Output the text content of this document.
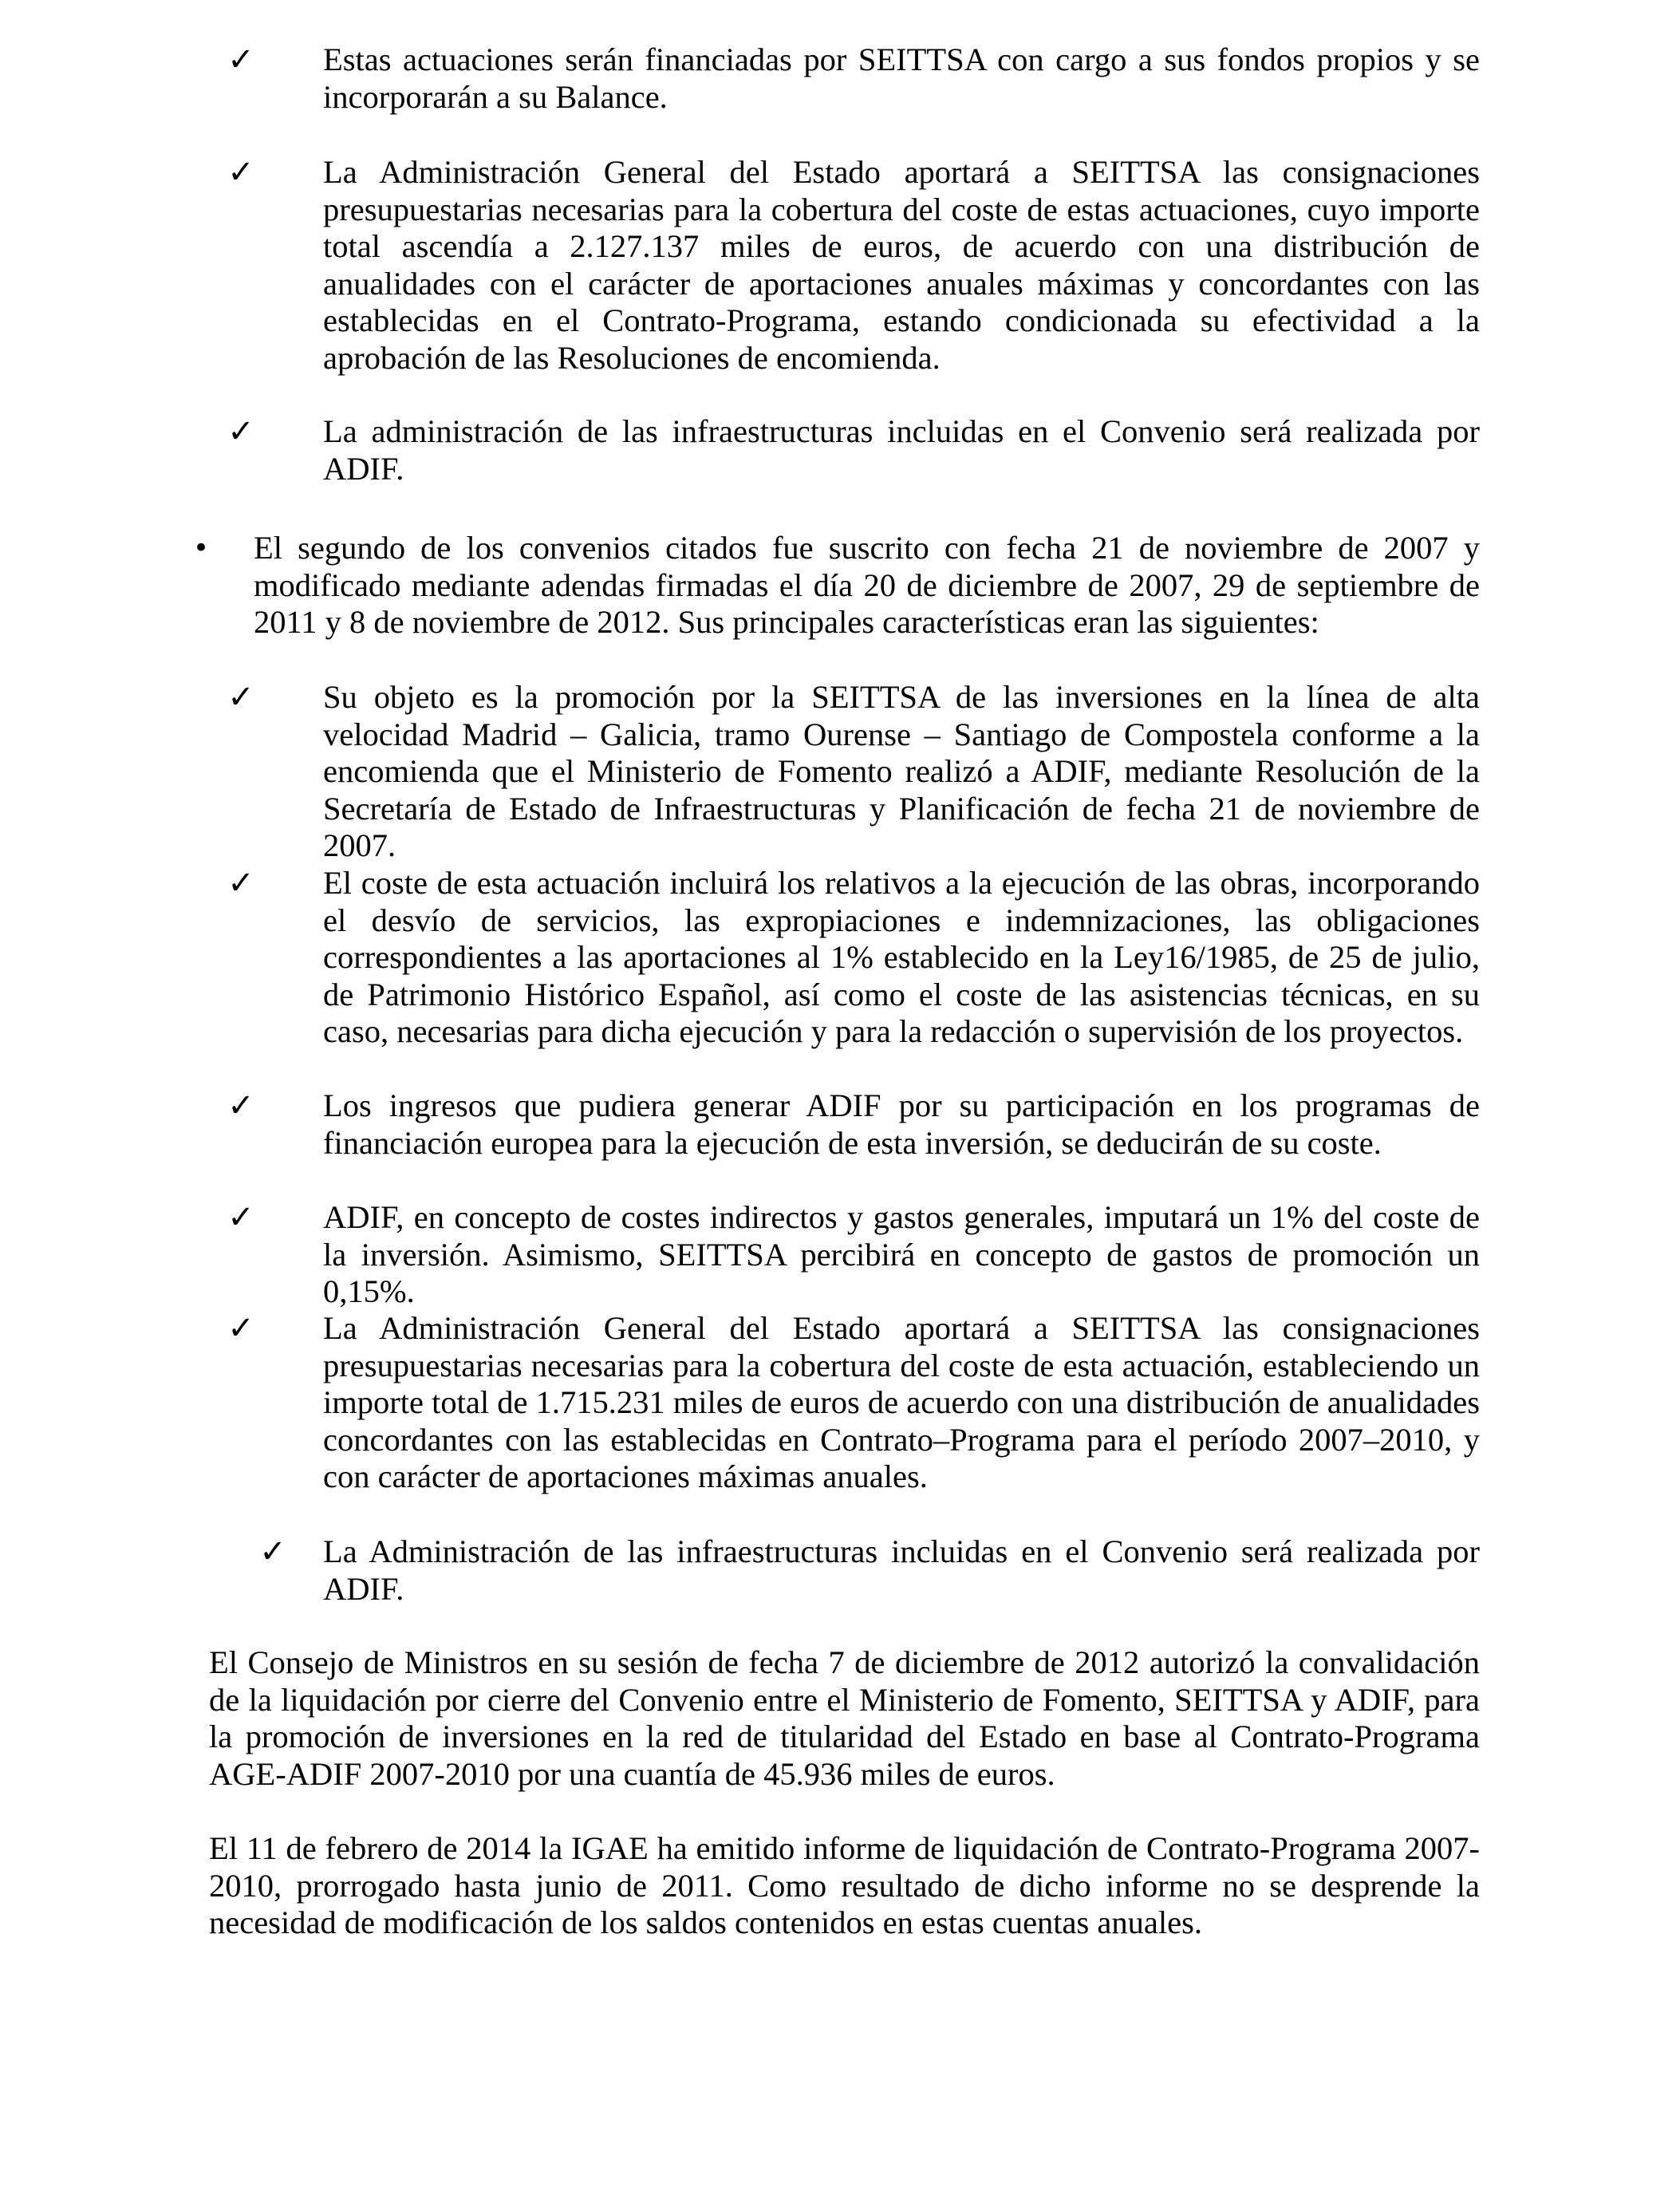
✓	Estas actuaciones serán financiadas por SEITTSA con cargo a sus fondos propios y se incorporarán a su Balance.

✓	La Administración General del Estado aportará a SEITTSA las consignaciones presupuestarias necesarias para la cobertura del coste de estas actuaciones, cuyo importe total ascendía a 2.127.137 miles de euros, de acuerdo con una distribución de anualidades con el carácter de aportaciones anuales máximas y concordantes con las establecidas en el Contrato-Programa, estando condicionada su efectividad a la aprobación de las Resoluciones de encomienda.

✓	La administración de las infraestructuras incluidas en el Convenio será realizada por ADIF.

• El segundo de los convenios citados fue suscrito con fecha 21 de noviembre de 2007 y modificado mediante adendas firmadas el día 20 de diciembre de 2007, 29 de septiembre de 2011 y 8 de noviembre de 2012. Sus principales características eran las siguientes:

✓	Su objeto es la promoción por la SEITTSA de las inversiones en la línea de alta velocidad Madrid – Galicia, tramo Ourense – Santiago de Compostela conforme a la encomienda que el Ministerio de Fomento realizó a ADIF, mediante Resolución de la Secretaría de Estado de Infraestructuras y Planificación de fecha 21 de noviembre de 2007.

✓	El coste de esta actuación incluirá los relativos a la ejecución de las obras, incorporando el desvío de servicios, las expropiaciones e indemnizaciones, las obligaciones correspondientes a las aportaciones al 1% establecido en la Ley16/1985, de 25 de julio, de Patrimonio Histórico Español, así como el coste de las asistencias técnicas, en su caso, necesarias para dicha ejecución y para la redacción o supervisión de los proyectos.

✓	Los ingresos que pudiera generar ADIF por su participación en los programas de financiación europea para la ejecución de esta inversión, se deducirán de su coste.

✓	ADIF, en concepto de costes indirectos y gastos generales, imputará un 1% del coste de la inversión. Asimismo, SEITTSA percibirá en concepto de gastos de promoción un 0,15%.

✓	La Administración General del Estado aportará a SEITTSA las consignaciones presupuestarias necesarias para la cobertura del coste de esta actuación, estableciendo un importe total de 1.715.231 miles de euros de acuerdo con una distribución de anualidades concordantes con las establecidas en Contrato–Programa para el período 2007–2010, y con carácter de aportaciones máximas anuales.

✓	La Administración de las infraestructuras incluidas en el Convenio será realizada por ADIF.

El Consejo de Ministros en su sesión de fecha 7 de diciembre de 2012 autorizó la convalidación de la liquidación por cierre del Convenio entre el Ministerio de Fomento, SEITTSA y ADIF, para la promoción de inversiones en la red de titularidad del Estado en base al Contrato-Programa AGE-ADIF 2007-2010 por una cuantía de 45.936 miles de euros.

El 11 de febrero de 2014 la IGAE ha emitido informe de liquidación de Contrato-Programa 2007-2010, prorrogado hasta junio de 2011. Como resultado de dicho informe no se desprende la necesidad de modificación de los saldos contenidos en estas cuentas anuales.
